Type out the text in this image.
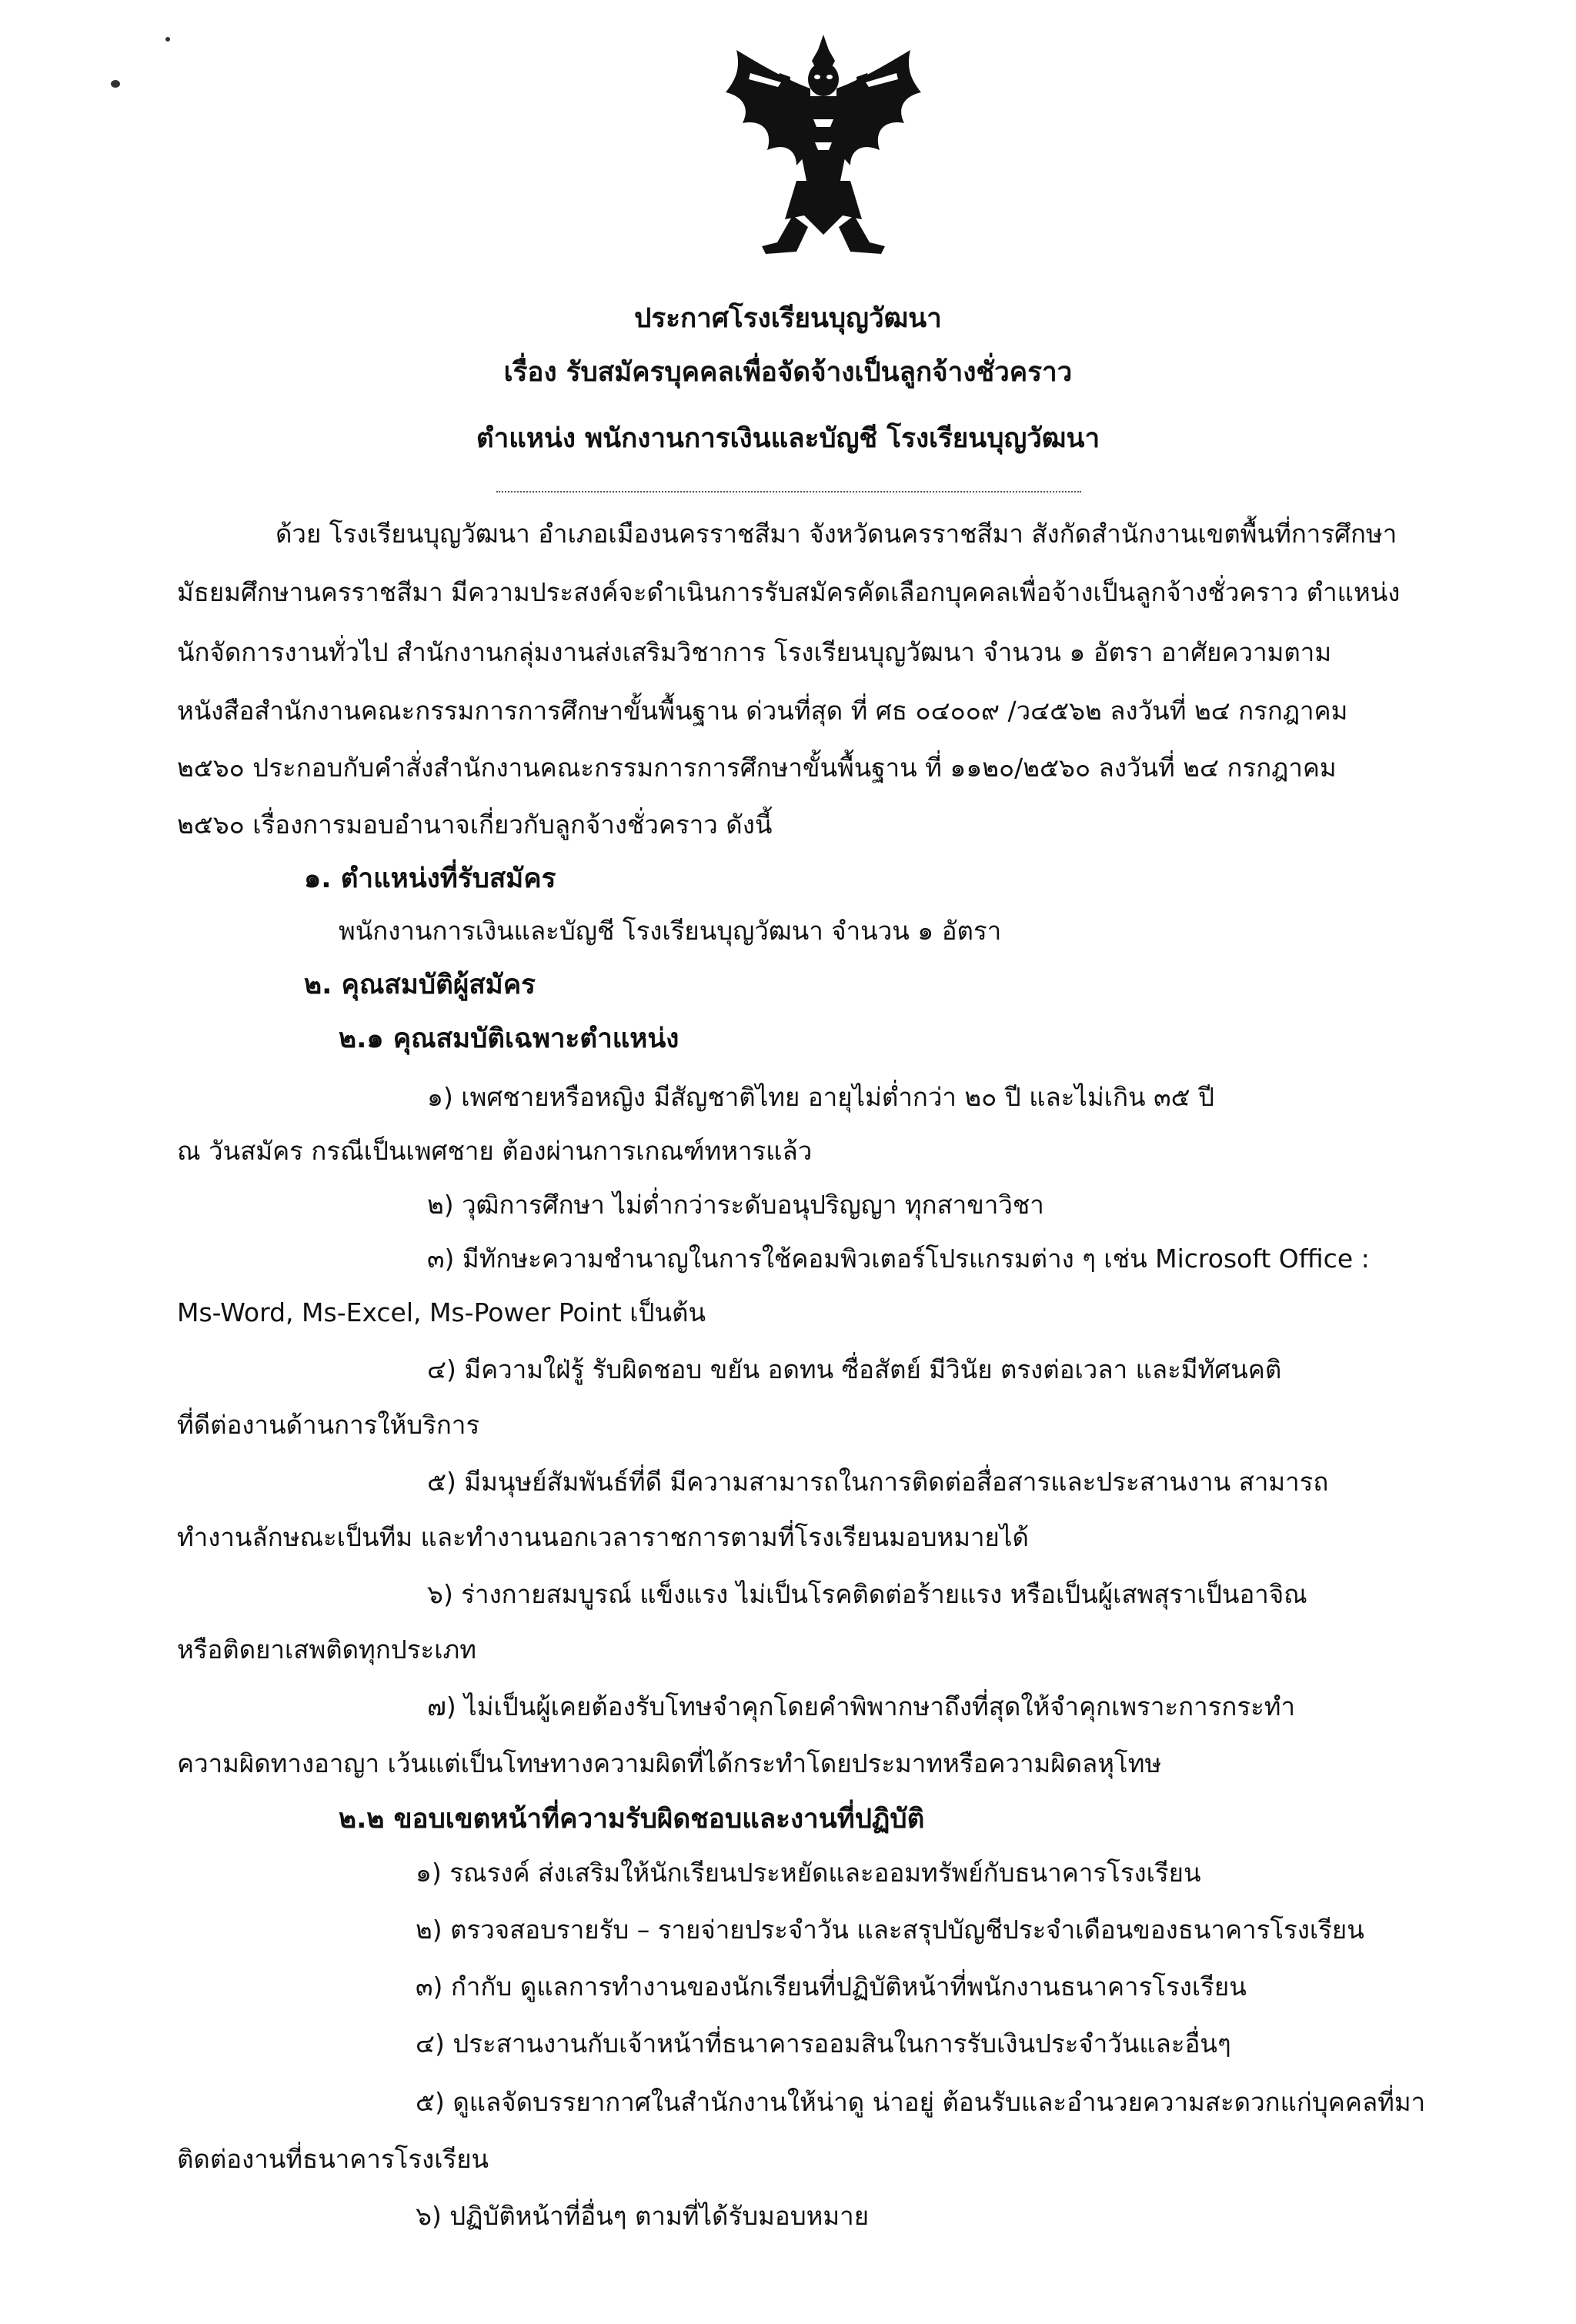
ประกาศโรงเรียนบุญวัฒนา
เรื่อง รับสมัครบุคคลเพื่อจัดจ้างเป็นลูกจ้างชั่วคราว
ตำแหน่ง พนักงานการเงินและบัญชี โรงเรียนบุญวัฒนา
ด้วย โรงเรียนบุญวัฒนา อำเภอเมืองนครราชสีมา จังหวัดนครราชสีมา สังกัดสำนักงานเขตพื้นที่การศึกษา
มัธยมศึกษานครราชสีมา มีความประสงค์จะดำเนินการรับสมัครคัดเลือกบุคคลเพื่อจ้างเป็นลูกจ้างชั่วคราว ตำแหน่ง
นักจัดการงานทั่วไป สำนักงานกลุ่มงานส่งเสริมวิชาการ โรงเรียนบุญวัฒนา จำนวน ๑ อัตรา อาศัยความตาม
หนังสือสำนักงานคณะกรรมการการศึกษาขั้นพื้นฐาน ด่วนที่สุด ที่ ศธ ๐๔๐๐๙ /ว๔๕๖๒ ลงวันที่ ๒๔ กรกฎาคม
๒๕๖๐ ประกอบกับคำสั่งสำนักงานคณะกรรมการการศึกษาขั้นพื้นฐาน ที่ ๑๑๒๐/๒๕๖๐ ลงวันที่ ๒๔ กรกฎาคม
๒๕๖๐ เรื่องการมอบอำนาจเกี่ยวกับลูกจ้างชั่วคราว ดังนี้
๑. ตำแหน่งที่รับสมัคร
พนักงานการเงินและบัญชี โรงเรียนบุญวัฒนา จำนวน ๑ อัตรา
๒. คุณสมบัติผู้สมัคร
๒.๑ คุณสมบัติเฉพาะตำแหน่ง
๑) เพศชายหรือหญิง มีสัญชาติไทย อายุไม่ต่ำกว่า ๒๐ ปี และไม่เกิน ๓๕ ปี
ณ วันสมัคร กรณีเป็นเพศชาย ต้องผ่านการเกณฑ์ทหารแล้ว
๒) วุฒิการศึกษา ไม่ต่ำกว่าระดับอนุปริญญา ทุกสาขาวิชา
๓) มีทักษะความชำนาญในการใช้คอมพิวเตอร์โปรแกรมต่าง ๆ เช่น Microsoft Office :
Ms-Word, Ms-Excel, Ms-Power Point เป็นต้น
๔) มีความใฝ่รู้ รับผิดชอบ ขยัน อดทน ซื่อสัตย์ มีวินัย ตรงต่อเวลา และมีทัศนคติ
ที่ดีต่องานด้านการให้บริการ
๕) มีมนุษย์สัมพันธ์ที่ดี มีความสามารถในการติดต่อสื่อสารและประสานงาน สามารถ
ทำงานลักษณะเป็นทีม และทำงานนอกเวลาราชการตามที่โรงเรียนมอบหมายได้
๖) ร่างกายสมบูรณ์ แข็งแรง ไม่เป็นโรคติดต่อร้ายแรง หรือเป็นผู้เสพสุราเป็นอาจิณ
หรือติดยาเสพติดทุกประเภท
๗) ไม่เป็นผู้เคยต้องรับโทษจำคุกโดยคำพิพากษาถึงที่สุดให้จำคุกเพราะการกระทำ
ความผิดทางอาญา เว้นแต่เป็นโทษทางความผิดที่ได้กระทำโดยประมาทหรือความผิดลหุโทษ
๒.๒ ขอบเขตหน้าที่ความรับผิดชอบและงานที่ปฏิบัติ
๑) รณรงค์ ส่งเสริมให้นักเรียนประหยัดและออมทรัพย์กับธนาคารโรงเรียน
๒) ตรวจสอบรายรับ – รายจ่ายประจำวัน และสรุปบัญชีประจำเดือนของธนาคารโรงเรียน
๓) กำกับ ดูแลการทำงานของนักเรียนที่ปฏิบัติหน้าที่พนักงานธนาคารโรงเรียน
๔) ประสานงานกับเจ้าหน้าที่ธนาคารออมสินในการรับเงินประจำวันและอื่นๆ
๕) ดูแลจัดบรรยากาศในสำนักงานให้น่าดู น่าอยู่ ต้อนรับและอำนวยความสะดวกแก่บุคคลที่มา
ติดต่องานที่ธนาคารโรงเรียน
๖) ปฏิบัติหน้าที่อื่นๆ ตามที่ได้รับมอบหมาย
